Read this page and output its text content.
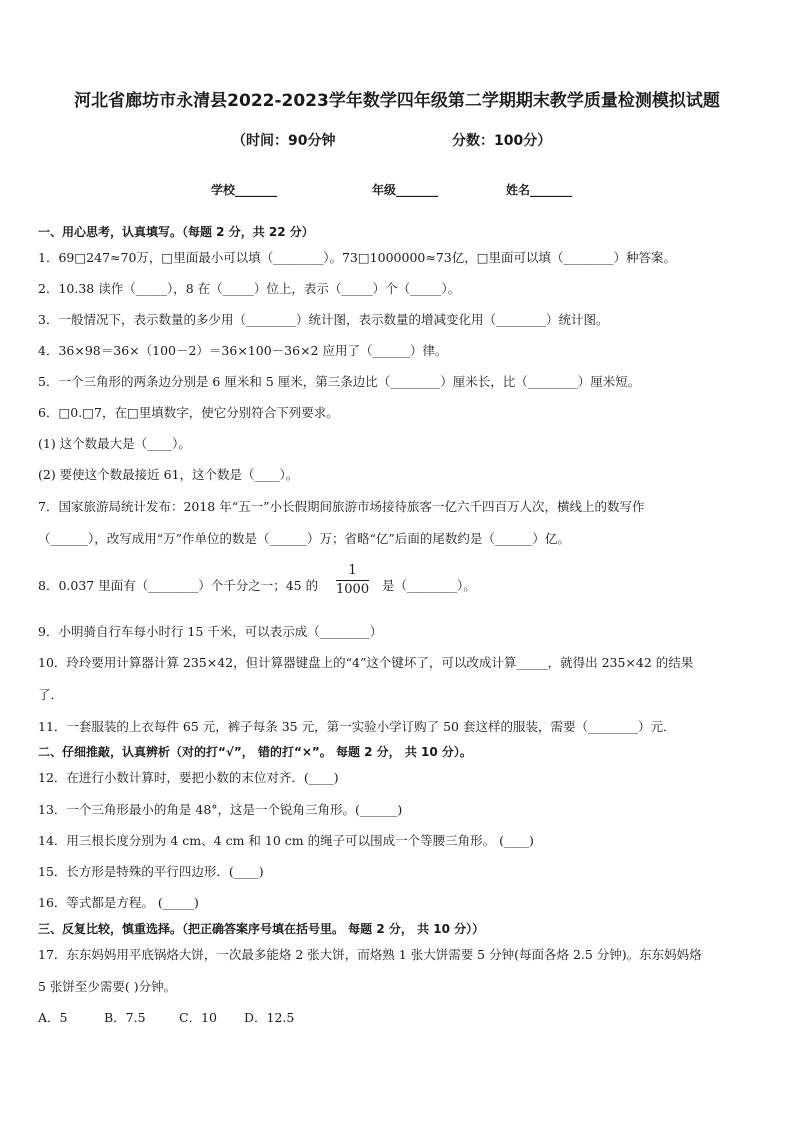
河北省廊坊市永清县2022-2023学年数学四年级第二学期期末教学质量检测模拟试题
（时间：90分钟	分数：100分）
学校_______	年级_______	姓名_______
一、用心思考，认真填写。（每题 2 分，共 22 分）
1．69□247≈70万，□里面最小可以填（________）。73□1000000≈73亿，□里面可以填（________）种答案。
2．10.38 读作（_____），8 在（_____）位上，表示（_____）个（_____）。
3．一般情况下，表示数量的多少用（________）统计图，表示数量的增减变化用（________）统计图。
4．36×98＝36×（100－2）＝36×100－36×2 应用了（______）律。
5．一个三角形的两条边分别是 6 厘米和 5 厘米，第三条边比（________）厘米长，比（________）厘米短。
6．□0.□7，在□里填数字，使它分别符合下列要求。
(1) 这个数最大是（____）。
(2) 要使这个数最接近 61，这个数是（____）。
7．国家旅游局统计发布：2018 年“五一”小长假期间旅游市场接待旅客一亿六千四百万人次，横线上的数写作
（______），改写成用“万”作单位的数是（______）万；省略“亿”后面的尾数约是（______）亿。
8．0.037 里面有（________）个千分之一；45 的	$\frac{1}{1000}$ 是（________）。
9．小明骑自行车每小时行 15 千米，可以表示成（________）
10．玲玲要用计算器计算 235×42，但计算器键盘上的“4”这个键坏了，可以改成计算_____，就得出 235×42 的结果
了．
11．一套服装的上衣每件 65 元，裤子每条 35 元，第一实验小学订购了 50 套这样的服装，需要（________）元．
二、仔细推敲，认真辨析（对的打“√”， 错的打“×”。 每题 2 分， 共 10 分）。
12．在进行小数计算时，要把小数的末位对齐．(____)
13．一个三角形最小的角是 48°，这是一个锐角三角形。(______)
14．用三根长度分别为 4 cm、4 cm 和 10 cm 的绳子可以围成一个等腰三角形。 (____)
15．长方形是特殊的平行四边形．(____)
16．等式都是方程。 (_____)
三、反复比较，慎重选择。（把正确答案序号填在括号里。 每题 2 分， 共 10 分））
17．东东妈妈用平底锅烙大饼，一次最多能烙 2 张大饼，而烙熟 1 张大饼需要 5 分钟(每面各烙 2.5 分钟)。东东妈妈烙
5 张饼至少需要( )分钟。
A．5	B．7.5	C．10 D．12.5
